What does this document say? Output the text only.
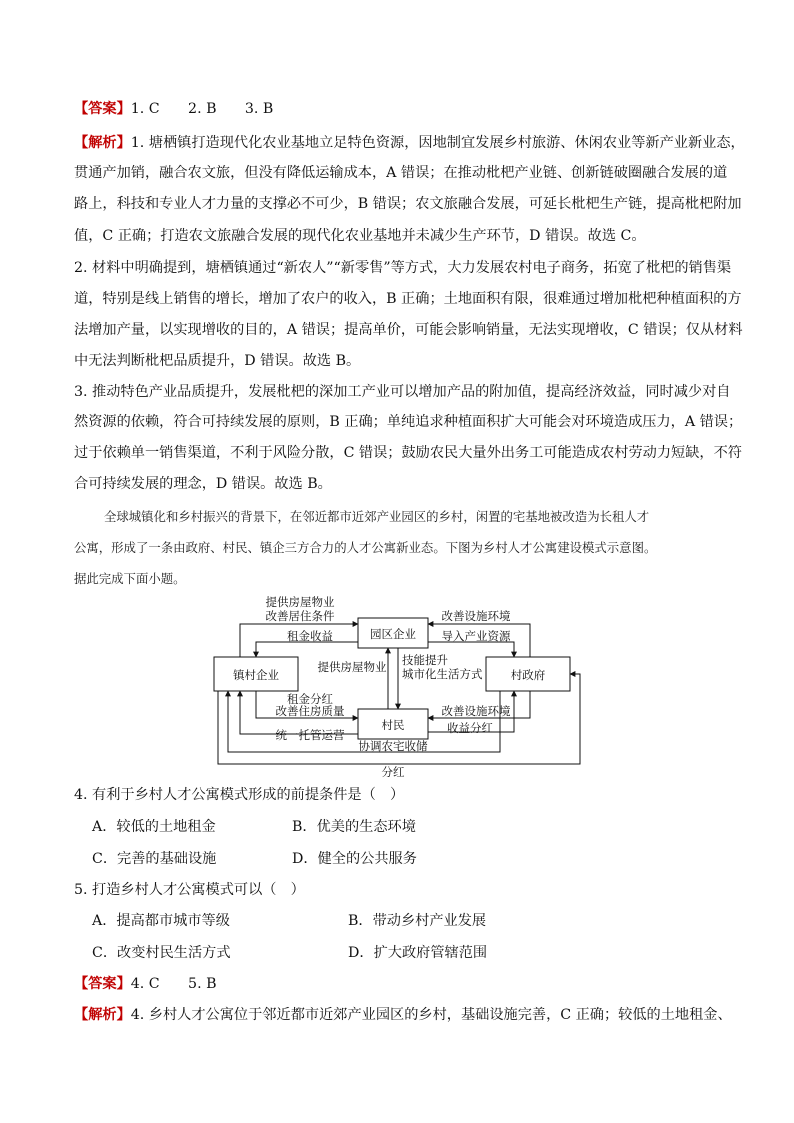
【答案】1. C　　2. B　　3. B
【解析】1. 塘栖镇打造现代化农业基地立足特色资源，因地制宜发展乡村旅游、休闲农业等新产业新业态，
贯通产加销，融合农文旅，但没有降低运输成本，A 错误；在推动枇杷产业链、创新链破圈融合发展的道
路上，科技和专业人才力量的支撑必不可少，B 错误；农文旅融合发展，可延长枇杷生产链，提高枇杷附加
值，C 正确；打造农文旅融合发展的现代化农业基地并未减少生产环节，D 错误。故选 C。
2. 材料中明确提到，塘栖镇通过“新农人”“新零售”等方式，大力发展农村电子商务，拓宽了枇杷的销售渠
道，特别是线上销售的增长，增加了农户的收入，B 正确；土地面积有限，很难通过增加枇杷种植面积的方
法增加产量，以实现增收的目的，A 错误；提高单价，可能会影响销量，无法实现增收，C 错误；仅从材料
中无法判断枇杷品质提升，D 错误。故选 B。
3. 推动特色产业品质提升，发展枇杷的深加工产业可以增加产品的附加值，提高经济效益，同时减少对自
然资源的依赖，符合可持续发展的原则，B 正确；单纯追求种植面积扩大可能会对环境造成压力，A 错误；
过于依赖单一销售渠道，不利于风险分散，C 错误；鼓励农民大量外出务工可能造成农村劳动力短缺，不符
合可持续发展的理念，D 错误。故选 B。
全球城镇化和乡村振兴的背景下，在邻近都市近郊产业园区的乡村，闲置的宅基地被改造为长租人才
公寓，形成了一条由政府、村民、镇企三方合力的人才公寓新业态。下图为乡村人才公寓建设模式示意图。
据此完成下面小题。
园区企业
镇村企业	村政府
村民
提供房屋物业
改善居住条件
租金收益
改善设施环境
导入产业资源
提供房屋物业 技能提升
城市化生活方式
租金分红
改善住房质量
统一托管运营
改善设施环境
收益分红
协调农宅收储
分红
4. 有利于乡村人才公寓模式形成的前提条件是（　）
A．较低的土地租金	B．优美的生态环境
C．完善的基础设施	D．健全的公共服务
5. 打造乡村人才公寓模式可以（　）
A．提高都市城市等级	B．带动乡村产业发展
C．改变村民生活方式	D．扩大政府管辖范围
【答案】4. C　　5. B
【解析】4. 乡村人才公寓位于邻近都市近郊产业园区的乡村，基础设施完善，C 正确；较低的土地租金、
